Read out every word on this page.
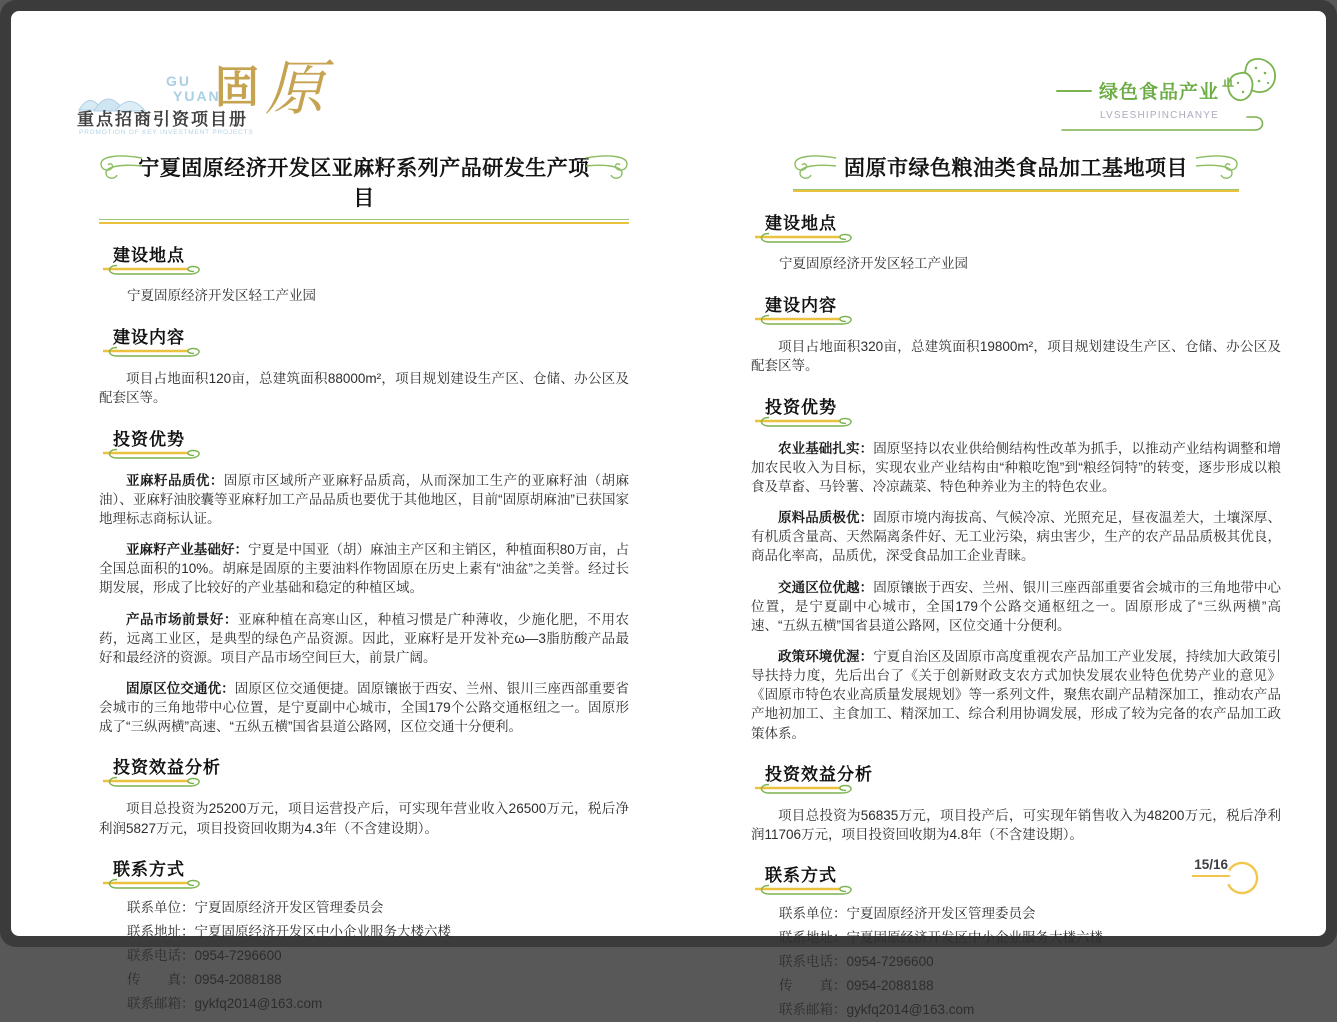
GU
YUAN
固 原
重点招商引资项目册
PROMOTION OF KEY INVESTMENT PROJECTS
绿色食品产业
LVSESHIPINCHANYE
宁夏固原经济开发区亚麻籽系列产品研发生产项目
建设地点
宁夏固原经济开发区轻工产业园
建设内容

项目占地面积120亩，总建筑面积88000m²，项目规划建设生产区、仓储、办公区及配套区等。

投资优势

亚麻籽品质优：固原市区域所产亚麻籽品质高，从而深加工生产的亚麻籽油（胡麻油）、亚麻籽油胶囊等亚麻籽加工产品品质也要优于其他地区，目前“固原胡麻油”已获国家地理标志商标认证。

亚麻籽产业基础好：宁夏是中国亚（胡）麻油主产区和主销区，种植面积80万亩，占全国总面积的10%。胡麻是固原的主要油料作物固原在历史上素有“油盆”之美誉。经过长期发展，形成了比较好的产业基础和稳定的种植区域。

产品市场前景好：亚麻种植在高寒山区，种植习惯是广种薄收，少施化肥，不用农药，远离工业区，是典型的绿色产品资源。因此，亚麻籽是开发补充ω—3脂肪酸产品最好和最经济的资源。项目产品市场空间巨大，前景广阔。

固原区位交通优：固原区位交通便捷。固原镶嵌于西安、兰州、银川三座西部重要省会城市的三角地带中心位置，是宁夏副中心城市，全国179个公路交通枢纽之一。固原形成了“三纵两横”高速、“五纵五横”国省县道公路网，区位交通十分便利。

投资效益分析

项目总投资为25200万元，项目运营投产后，可实现年营业收入26500万元，税后净利润5827万元，项目投资回收期为4.3年（不含建设期）。

联系方式
联系单位：宁夏固原经济开发区管理委员会
联系地址：宁夏固原经济开发区中小企业服务大楼六楼
联系电话：0954-7296600
传　　真：0954-2088188
联系邮箱：gykfq2014@163.com
固原市绿色粮油类食品加工基地项目
建设地点
宁夏固原经济开发区轻工产业园
建设内容

项目占地面积320亩，总建筑面积19800m²，项目规划建设生产区、仓储、办公区及配套区等。

投资优势

农业基础扎实：固原坚持以农业供给侧结构性改革为抓手，以推动产业结构调整和增加农民收入为目标，实现农业产业结构由“种粮吃饱”到“粮经饲特”的转变，逐步形成以粮食及草畜、马铃薯、冷凉蔬菜、特色种养业为主的特色农业。

原料品质极优：固原市境内海拔高、气候冷凉、光照充足，昼夜温差大，土壤深厚、有机质含量高、天然隔离条件好、无工业污染，病虫害少，生产的农产品品质极其优良，商品化率高，品质优，深受食品加工企业青睐。

交通区位优越：固原镶嵌于西安、兰州、银川三座西部重要省会城市的三角地带中心位置，是宁夏副中心城市，全国179个公路交通枢纽之一。固原形成了“三纵两横”高速、“五纵五横”国省县道公路网，区位交通十分便利。

政策环境优渥：宁夏自治区及固原市高度重视农产品加工产业发展，持续加大政策引导扶持力度，先后出台了《关于创新财政支农方式加快发展农业特色优势产业的意见》《固原市特色农业高质量发展规划》等一系列文件，聚焦农副产品精深加工，推动农产品产地初加工、主食加工、精深加工、综合利用协调发展，形成了较为完备的农产品加工政策体系。

投资效益分析

项目总投资为56835万元，项目投产后，可实现年销售收入为48200万元，税后净利润11706万元，项目投资回收期为4.8年（不含建设期）。

联系方式
联系单位：宁夏固原经济开发区管理委员会
联系地址：宁夏固原经济开发区中小企业服务大楼六楼
联系电话：0954-7296600
传　　真：0954-2088188
联系邮箱：gykfq2014@163.com
15/16
